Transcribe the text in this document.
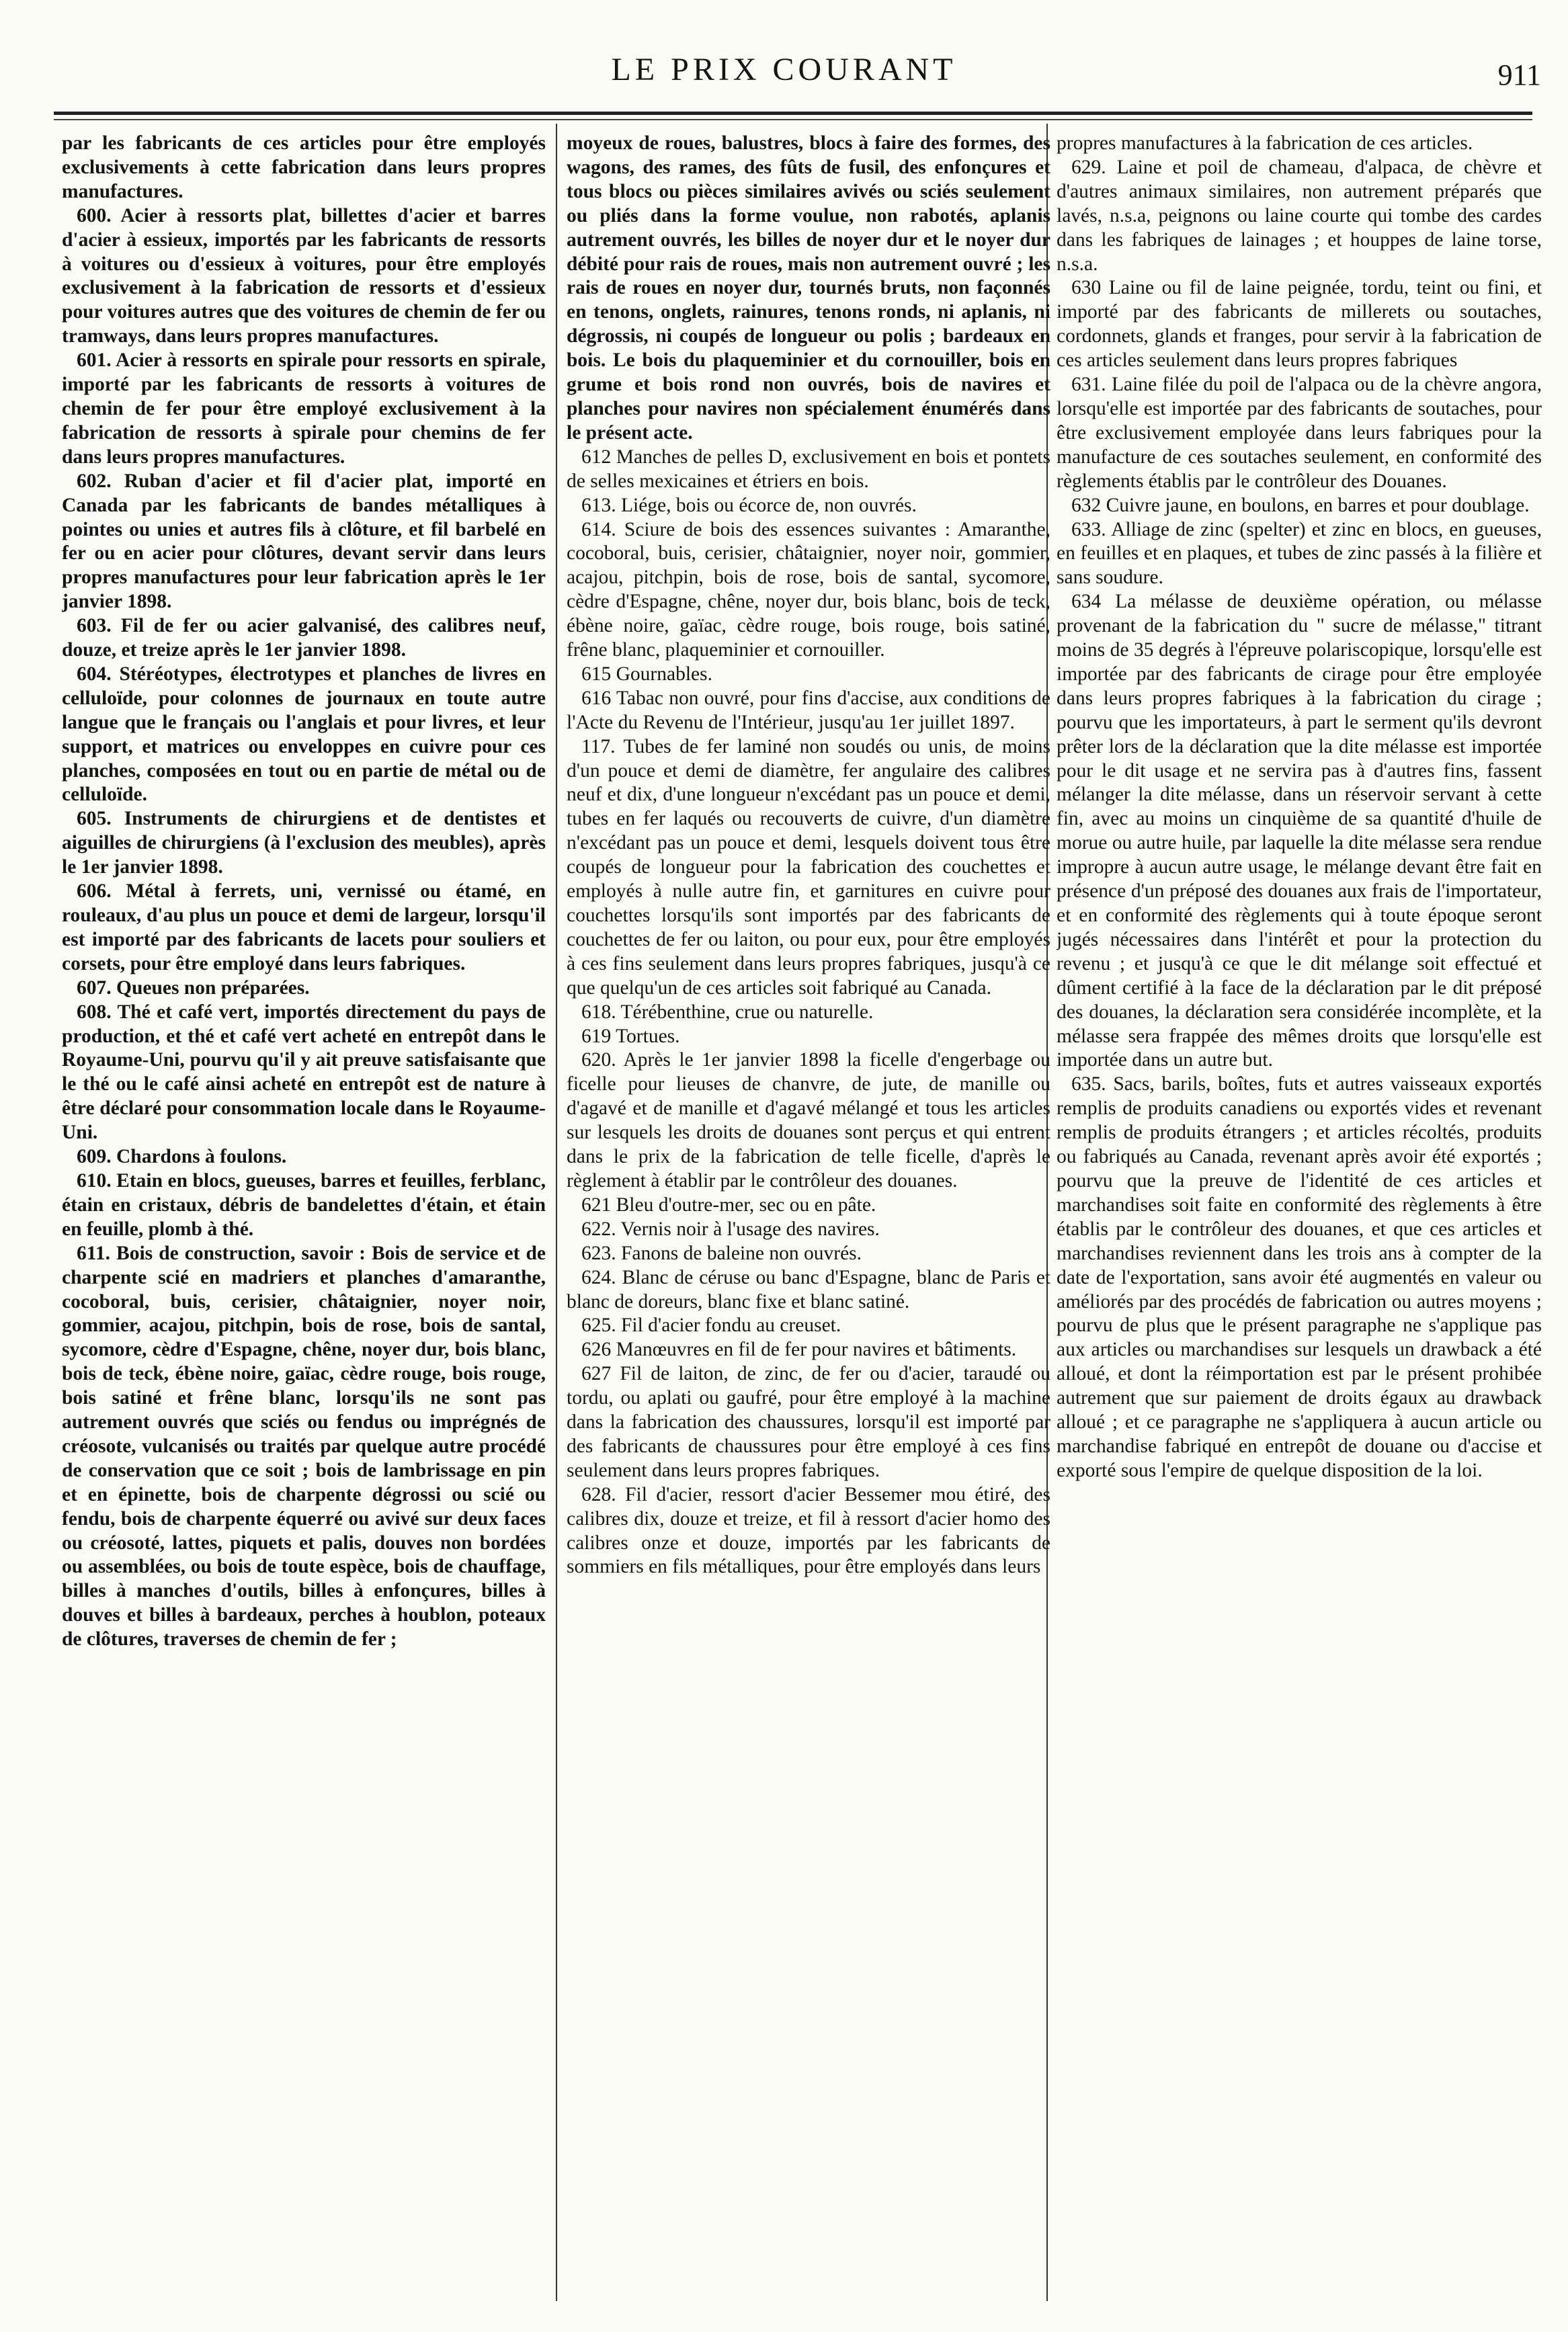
LE PRIX COURANT	911

par les fabricants de ces articles pour être employés exclusivements à cette fabrication dans leurs propres manufactures.

600. Acier à ressorts plat, billettes d'acier et barres d'acier à essieux, importés par les fabricants de ressorts à voitures ou d'essieux à voitures, pour être employés exclusivement à la fabrication de ressorts et d'essieux pour voitures autres que des voitures de chemin de fer ou tramways, dans leurs propres manufactures.

601. Acier à ressorts en spirale pour ressorts en spirale, importé par les fabricants de ressorts à voitures de chemin de fer pour être employé exclusivement à la fabrication de ressorts à spirale pour chemins de fer dans leurs propres manufactures.

602. Ruban d'acier et fil d'acier plat, importé en Canada par les fabricants de bandes métalliques à pointes ou unies et autres fils à clôture, et fil barbelé en fer ou en acier pour clôtures, devant servir dans leurs propres manufactures pour leur fabrication après le 1er janvier 1898.

603. Fil de fer ou acier galvanisé, des calibres neuf, douze, et treize après le 1er janvier 1898.

604. Stéréotypes, électrotypes et planches de livres en celluloïde, pour colonnes de journaux en toute autre langue que le français ou l'anglais et pour livres, et leur support, et matrices ou enveloppes en cuivre pour ces planches, composées en tout ou en partie de métal ou de celluloïde.

605. Instruments de chirurgiens et de dentistes et aiguilles de chirurgiens (à l'exclusion des meubles), après le 1er janvier 1898.

606. Métal à ferrets, uni, vernissé ou étamé, en rouleaux, d'au plus un pouce et demi de largeur, lorsqu'il est importé par des fabricants de lacets pour souliers et corsets, pour être employé dans leurs fabriques.

607. Queues non préparées.

608. Thé et café vert, importés directement du pays de production, et thé et café vert acheté en entrepôt dans le Royaume-Uni, pourvu qu'il y ait preuve satisfaisante que le thé ou le café ainsi acheté en entrepôt est de nature à être déclaré pour consommation locale dans le Royaume-Uni.

609. Chardons à foulons.

610. Etain en blocs, gueuses, barres et feuilles, ferblanc, étain en cristaux, débris de bandelettes d'étain, et étain en feuille, plomb à thé.

611. Bois de construction, savoir : Bois de service et de charpente scié en madriers et planches d'amaranthe, cocoboral, buis, cerisier, châtaignier, noyer noir, gommier, acajou, pitchpin, bois de rose, bois de santal, sycomore, cèdre d'Espagne, chêne, noyer dur, bois blanc, bois de teck, ébène noire, gaïac, cèdre rouge, bois rouge, bois satiné et frêne blanc, lorsqu'ils ne sont pas autrement ouvrés que sciés ou fendus ou imprégnés de créosote, vulcanisés ou traités par quelque autre procédé de conservation que ce soit ; bois de lambrissage en pin et en épinette, bois de charpente dégrossi ou scié ou fendu, bois de charpente équerré ou avivé sur deux faces ou créosoté, lattes, piquets et palis, douves non bordées ou assemblées, ou bois de toute espèce, bois de chauffage, billes à manches d'outils, billes à enfonçures, billes à douves et billes à bardeaux, perches à houblon, poteaux de clôtures, traverses de chemin de fer ;

moyeux de roues, balustres, blocs à faire des formes, des wagons, des rames, des fûts de fusil, des enfonçures et tous blocs ou pièces similaires avivés ou sciés seulement ou pliés dans la forme voulue, non rabotés, aplanis autrement ouvrés, les billes de noyer dur et le noyer dur débité pour rais de roues, mais non autrement ouvré ; les rais de roues en noyer dur, tournés bruts, non façonnés en tenons, onglets, rainures, tenons ronds, ni aplanis, ni dégrossis, ni coupés de longueur ou polis ; bardeaux en bois. Le bois du plaqueminier et du cornouiller, bois en grume et bois rond non ouvrés, bois de navires et planches pour navires non spécialement énumérés dans le présent acte.

612 Manches de pelles D, exclusivement en bois et pontets de selles mexicaines et étriers en bois.

613. Liége, bois ou écorce de, non ouvrés.

614. Sciure de bois des essences suivantes : Amaranthe, cocoboral, buis, cerisier, châtaignier, noyer noir, gommier, acajou, pitchpin, bois de rose, bois de santal, sycomore, cèdre d'Espagne, chêne, noyer dur, bois blanc, bois de teck, ébène noire, gaïac, cèdre rouge, bois rouge, bois satiné, frêne blanc, plaqueminier et cornouiller.

615 Gournables.

616 Tabac non ouvré, pour fins d'accise, aux conditions de l'Acte du Revenu de l'Intérieur, jusqu'au 1er juillet 1897.

117. Tubes de fer laminé non soudés ou unis, de moins d'un pouce et demi de diamètre, fer angulaire des calibres neuf et dix, d'une longueur n'excédant pas un pouce et demi, tubes en fer laqués ou recouverts de cuivre, d'un diamètre n'excédant pas un pouce et demi, lesquels doivent tous être coupés de longueur pour la fabrication des couchettes et employés à nulle autre fin, et garnitures en cuivre pour couchettes lorsqu'ils sont importés par des fabricants de couchettes de fer ou laiton, ou pour eux, pour être employés à ces fins seulement dans leurs propres fabriques, jusqu'à ce que quelqu'un de ces articles soit fabriqué au Canada.

618. Térébenthine, crue ou naturelle.

619 Tortues.

620. Après le 1er janvier 1898 la ficelle d'engerbage ou ficelle pour lieuses de chanvre, de jute, de manille ou d'agavé et de manille et d'agavé mélangé et tous les articles sur lesquels les droits de douanes sont perçus et qui entrent dans le prix de la fabrication de telle ficelle, d'après le règlement à établir par le contrôleur des douanes.

621 Bleu d'outre-mer, sec ou en pâte.

622. Vernis noir à l'usage des navires.

623. Fanons de baleine non ouvrés.

624. Blanc de céruse ou banc d'Espagne, blanc de Paris et blanc de doreurs, blanc fixe et blanc satiné.

625. Fil d'acier fondu au creuset.

626 Manœuvres en fil de fer pour navires et bâtiments.

627 Fil de laiton, de zinc, de fer ou d'acier, taraudé ou tordu, ou aplati ou gaufré, pour être employé à la machine dans la fabrication des chaussures, lorsqu'il est importé par des fabricants de chaussures pour être employé à ces fins seulement dans leurs propres fabriques.

628. Fil d'acier, ressort d'acier Bessemer mou étiré, des calibres dix, douze et treize, et fil à ressort d'acier homo des calibres onze et douze, importés par les fabricants de sommiers en fils métalliques, pour être employés dans leurs

propres manufactures à la fabrication de ces articles.

629. Laine et poil de chameau, d'alpaca, de chèvre et d'autres animaux similaires, non autrement préparés que lavés, n.s.a, peignons ou laine courte qui tombe des cardes dans les fabriques de lainages ; et houppes de laine torse, n.s.a.

630 Laine ou fil de laine peignée, tordu, teint ou fini, et importé par des fabricants de millerets ou soutaches, cordonnets, glands et franges, pour servir à la fabrication de ces articles seulement dans leurs propres fabriques

631. Laine filée du poil de l'alpaca ou de la chèvre angora, lorsqu'elle est importée par des fabricants de soutaches, pour être exclusivement employée dans leurs fabriques pour la manufacture de ces soutaches seulement, en conformité des règlements établis par le contrôleur des Douanes.

632 Cuivre jaune, en boulons, en barres et pour doublage.

633. Alliage de zinc (spelter) et zinc en blocs, en gueuses, en feuilles et en plaques, et tubes de zinc passés à la filière et sans soudure.

634 La mélasse de deuxième opération, ou mélasse provenant de la fabrication du " sucre de mélasse," titrant moins de 35 degrés à l'épreuve polariscopique, lorsqu'elle est importée par des fabricants de cirage pour être employée dans leurs propres fabriques à la fabrication du cirage ; pourvu que les importateurs, à part le serment qu'ils devront prêter lors de la déclaration que la dite mélasse est importée pour le dit usage et ne servira pas à d'autres fins, fassent mélanger la dite mélasse, dans un réservoir servant à cette fin, avec au moins un cinquième de sa quantité d'huile de morue ou autre huile, par laquelle la dite mélasse sera rendue impropre à aucun autre usage, le mélange devant être fait en présence d'un préposé des douanes aux frais de l'importateur, et en conformité des règlements qui à toute époque seront jugés nécessaires dans l'intérêt et pour la protection du revenu ; et jusqu'à ce que le dit mélange soit effectué et dûment certifié à la face de la déclaration par le dit préposé des douanes, la déclaration sera considérée incomplète, et la mélasse sera frappée des mêmes droits que lorsqu'elle est importée dans un autre but.

635. Sacs, barils, boîtes, futs et autres vaisseaux exportés remplis de produits canadiens ou exportés vides et revenant remplis de produits étrangers ; et articles récoltés, produits ou fabriqués au Canada, revenant après avoir été exportés ; pourvu que la preuve de l'identité de ces articles et marchandises soit faite en conformité des règlements à être établis par le contrôleur des douanes, et que ces articles et marchandises reviennent dans les trois ans à compter de la date de l'exportation, sans avoir été augmentés en valeur ou améliorés par des procédés de fabrication ou autres moyens ; pourvu de plus que le présent paragraphe ne s'applique pas aux articles ou marchandises sur lesquels un drawback a été alloué, et dont la réimportation est par le présent prohibée autrement que sur paiement de droits égaux au drawback alloué ; et ce paragraphe ne s'appliquera à aucun article ou marchandise fabriqué en entrepôt de douane ou d'accise et exporté sous l'empire de quelque disposition de la loi.
